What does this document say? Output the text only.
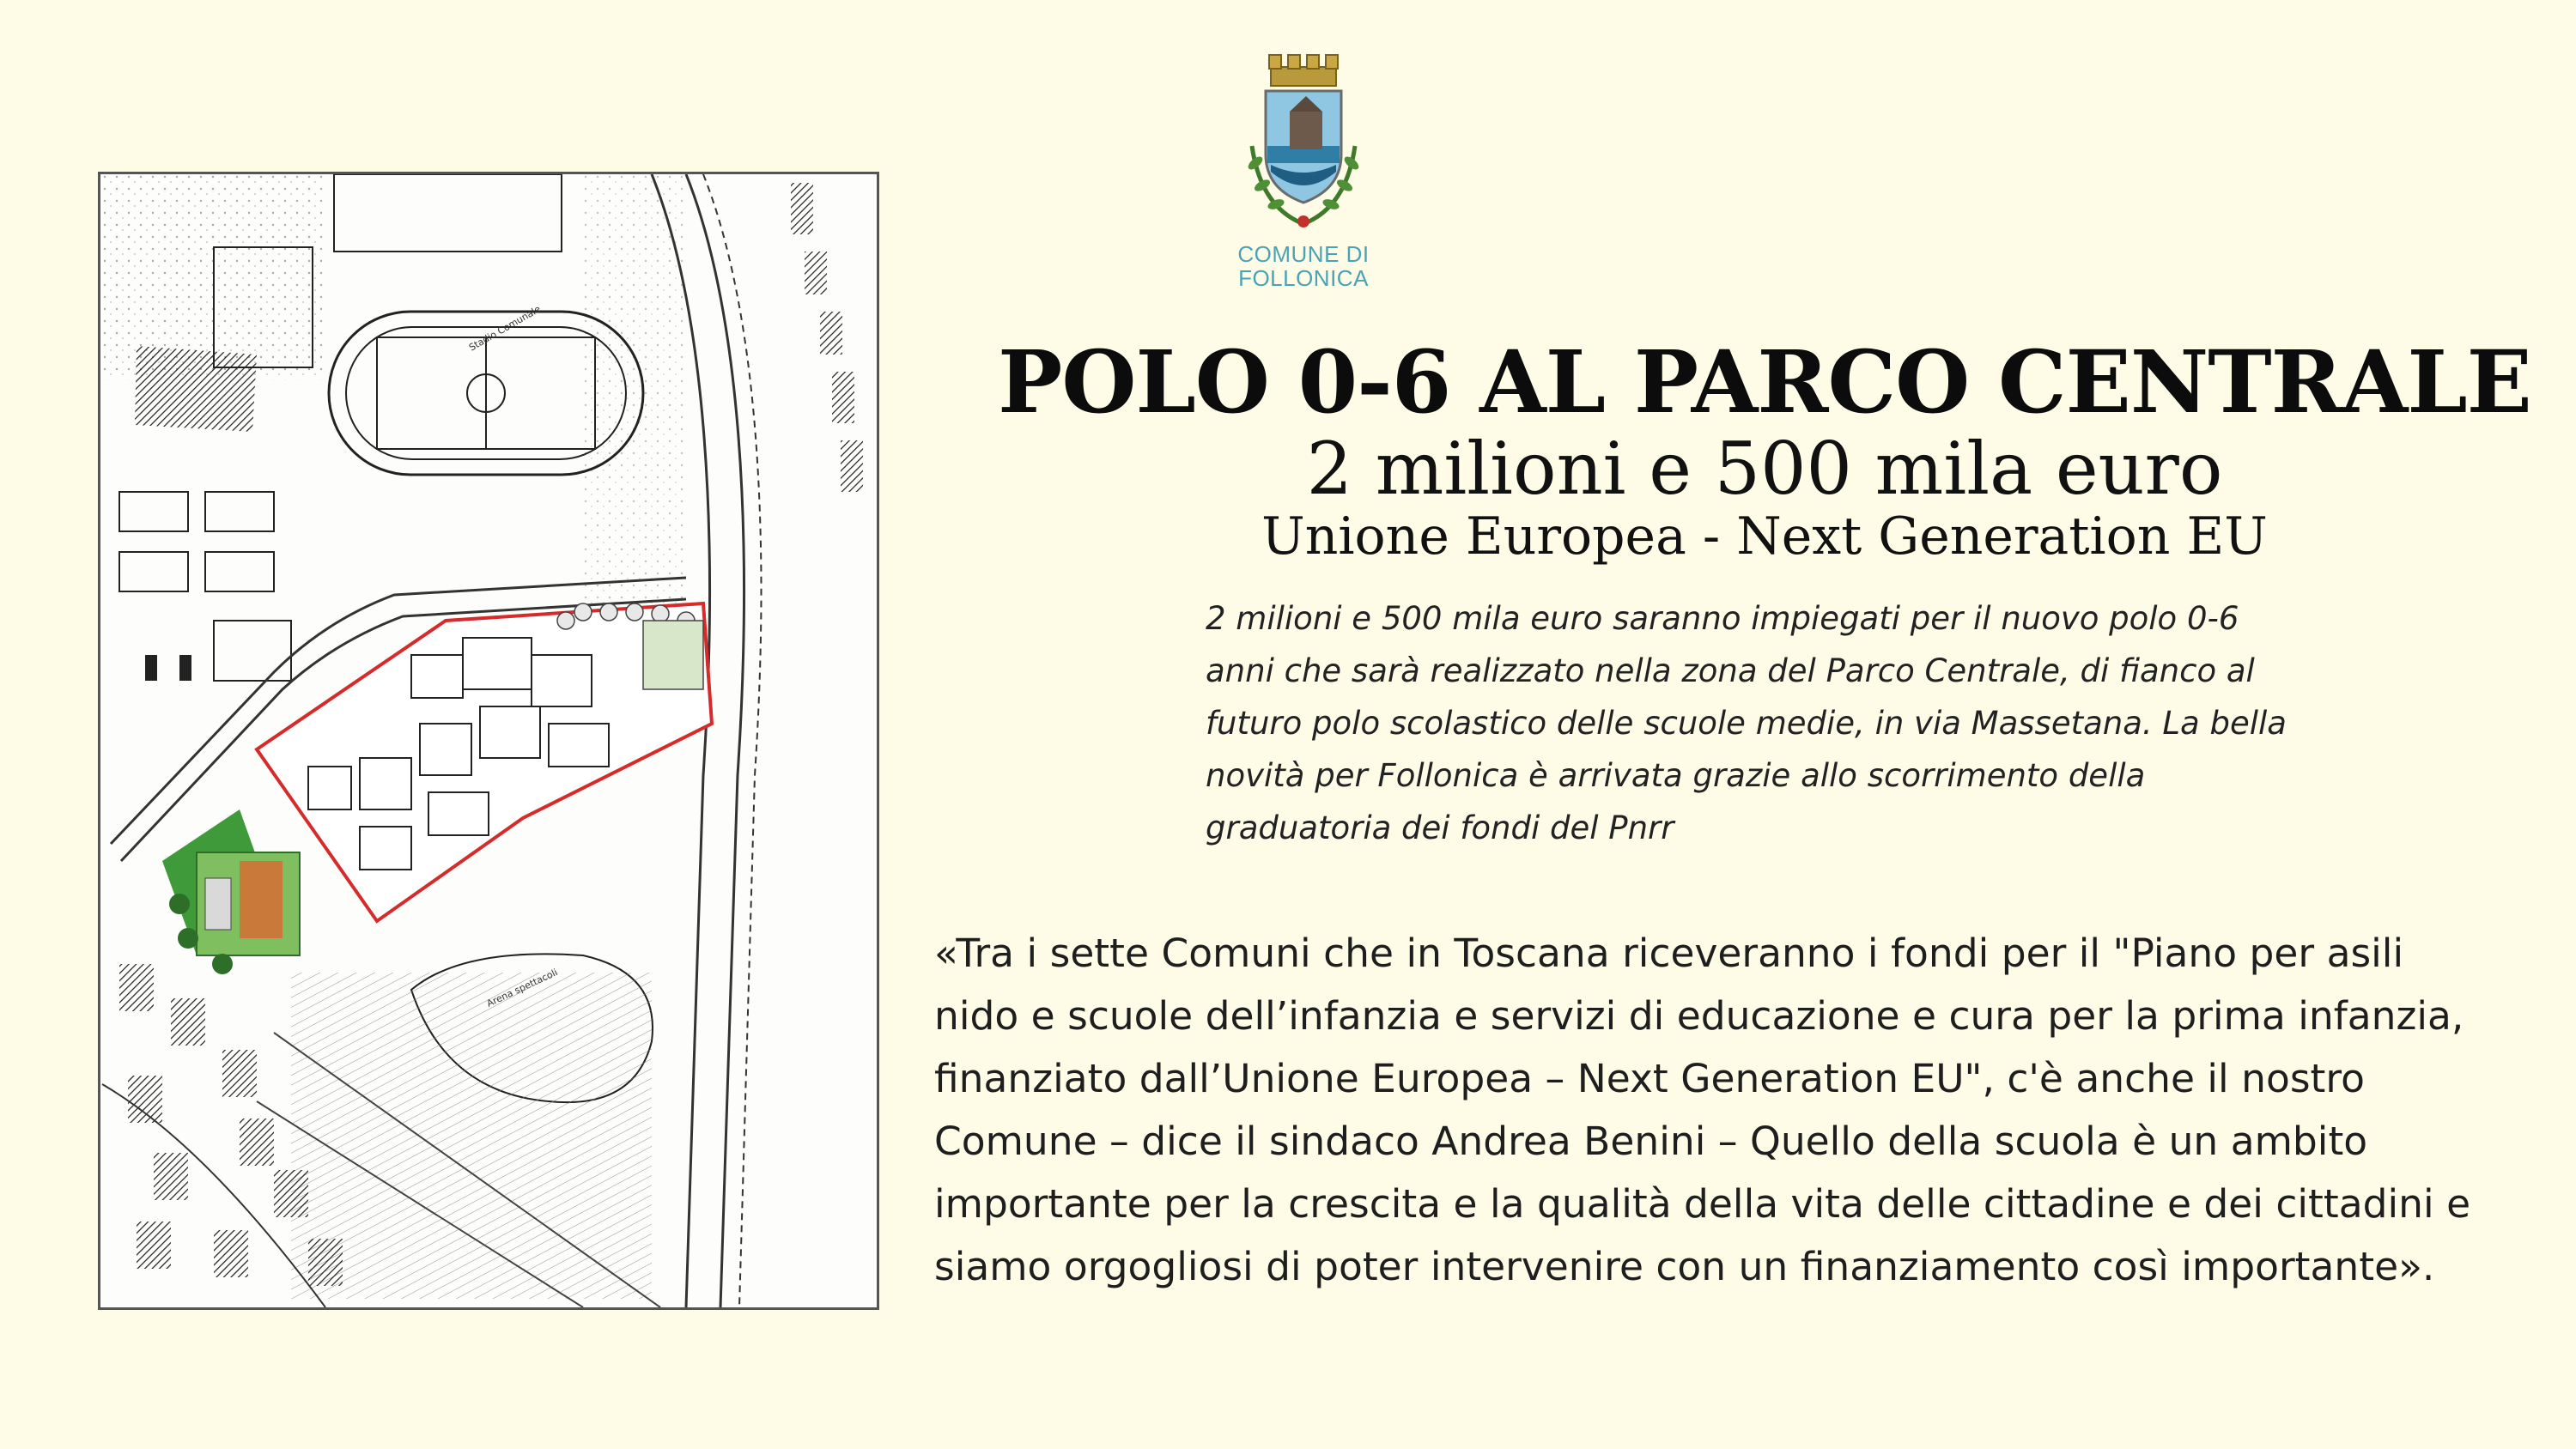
Stadio Comunale
COMUNE DI
FOLLONICA
POLO 0-6 AL PARCO CENTRALE
2 milioni e 500 mila euro
Unione Europea - Next Generation EU
2 milioni e 500 mila euro saranno impiegati per il nuovo polo 0-6 anni che sarà realizzato nella zona del Parco Centrale, di fianco al futuro polo scolastico delle scuole medie, in via Massetana. La bella novità per Follonica è arrivata grazie allo scorrimento della graduatoria dei fondi del Pnrr
«Tra i sette Comuni che in Toscana riceveranno i fondi per il "Piano per asili nido e scuole dell’infanzia e servizi di educazione e cura per la prima infanzia, finanziato dall’Unione Europea – Next Generation EU", c'è anche il nostro Comune – dice il sindaco Andrea Benini – Quello della scuola è un ambito importante per la crescita e la qualità della vita delle cittadine e dei cittadini e siamo orgogliosi di poter intervenire con un finanziamento così importante».
